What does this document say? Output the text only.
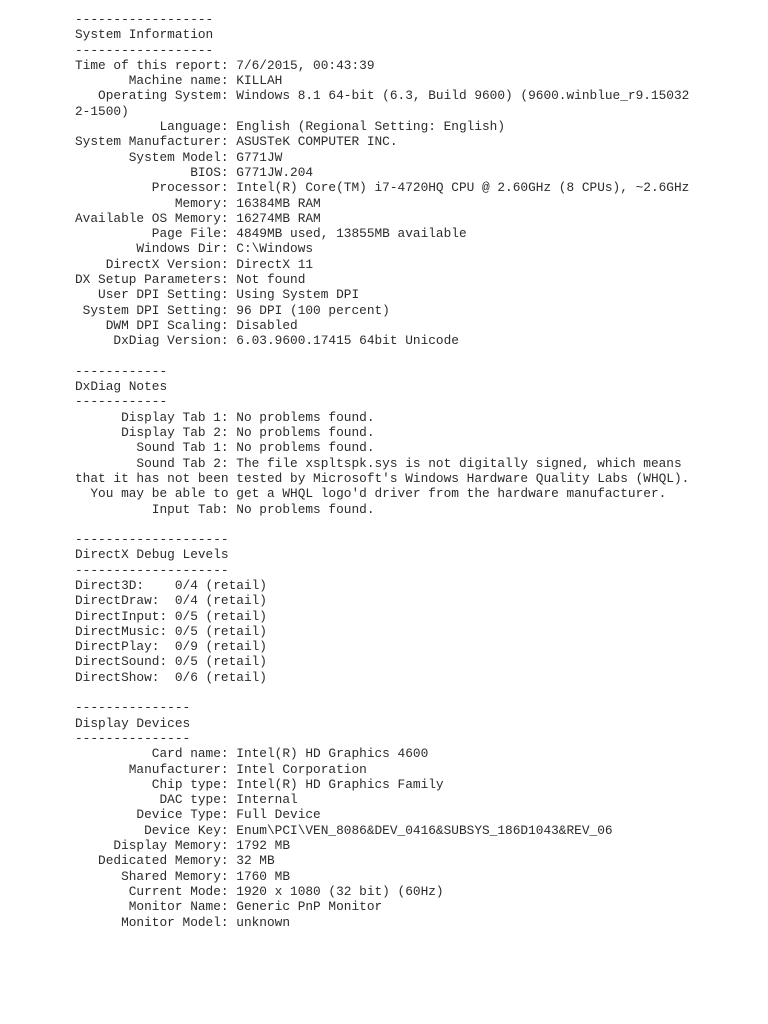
------------------
System Information
------------------
Time of this report: 7/6/2015, 00:43:39
Machine name: KILLAH
Operating System: Windows 8.1 64-bit (6.3, Build 9600) (9600.winblue_r9.15032
2-1500)
Language: English (Regional Setting: English)
System Manufacturer: ASUSTeK COMPUTER INC.
System Model: G771JW
BIOS: G771JW.204
Processor: Intel(R) Core(TM) i7-4720HQ CPU @ 2.60GHz (8 CPUs), ~2.6GHz
Memory: 16384MB RAM
Available OS Memory: 16274MB RAM
Page File: 4849MB used, 13855MB available
Windows Dir: C:\Windows
DirectX Version: DirectX 11
DX Setup Parameters: Not found
User DPI Setting: Using System DPI
System DPI Setting: 96 DPI (100 percent)
DWM DPI Scaling: Disabled
DxDiag Version: 6.03.9600.17415 64bit Unicode
------------
DxDiag Notes
------------
Display Tab 1: No problems found.
Display Tab 2: No problems found.
Sound Tab 1: No problems found.
Sound Tab 2: The file xspltspk.sys is not digitally signed, which means
that it has not been tested by Microsoft's Windows Hardware Quality Labs (WHQL).
You may be able to get a WHQL logo'd driver from the hardware manufacturer.
Input Tab: No problems found.
--------------------
DirectX Debug Levels
--------------------
Direct3D:    0/4 (retail)
DirectDraw:  0/4 (retail)
DirectInput: 0/5 (retail)
DirectMusic: 0/5 (retail)
DirectPlay:  0/9 (retail)
DirectSound: 0/5 (retail)
DirectShow:  0/6 (retail)
---------------
Display Devices
---------------
Card name: Intel(R) HD Graphics 4600
Manufacturer: Intel Corporation
Chip type: Intel(R) HD Graphics Family
DAC type: Internal
Device Type: Full Device
Device Key: Enum\PCI\VEN_8086&DEV_0416&SUBSYS_186D1043&REV_06
Display Memory: 1792 MB
Dedicated Memory: 32 MB
Shared Memory: 1760 MB
Current Mode: 1920 x 1080 (32 bit) (60Hz)
Monitor Name: Generic PnP Monitor
Monitor Model: unknown
